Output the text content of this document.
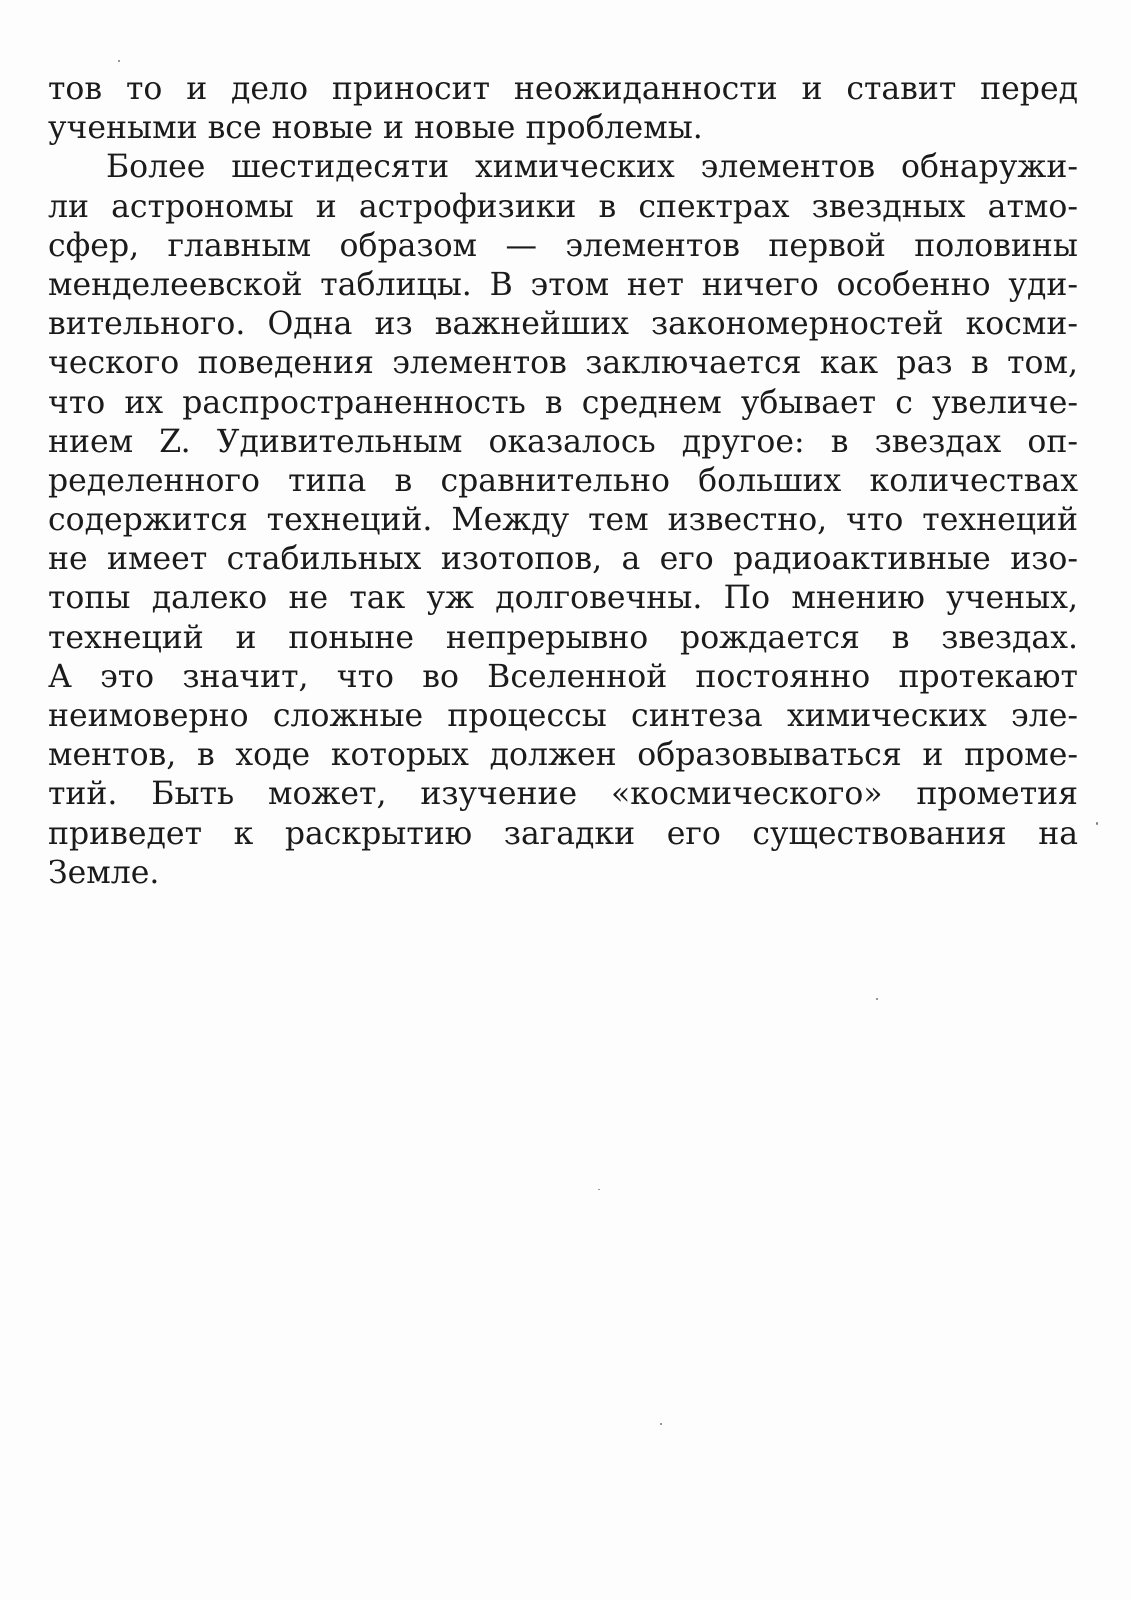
тов то и дело приносит неожиданности и ставит перед
учеными все новые и новые проблемы.
Более шестидесяти химических элементов обнаружи-
ли астрономы и астрофизики в спектрах звездных атмо-
сфер, главным образом — элементов первой половины
менделеевской таблицы. В этом нет ничего особенно уди-
вительного. Одна из важнейших закономерностей косми-
ческого поведения элементов заключается как раз в том,
что их распространенность в среднем убывает с увеличе-
нием Z. Удивительным оказалось другое: в звездах оп-
ределенного типа в сравнительно больших количествах
содержится технеций. Между тем известно, что технеций
не имеет стабильных изотопов, а его радиоактивные изо-
топы далеко не так уж долговечны. По мнению ученых,
технеций и поныне непрерывно рождается в звездах.
А это значит, что во Вселенной постоянно протекают
неимоверно сложные процессы синтеза химических эле-
ментов, в ходе которых должен образовываться и проме-
тий. Быть может, изучение «космического» прометия
приведет к раскрытию загадки его существования на
Земле.
